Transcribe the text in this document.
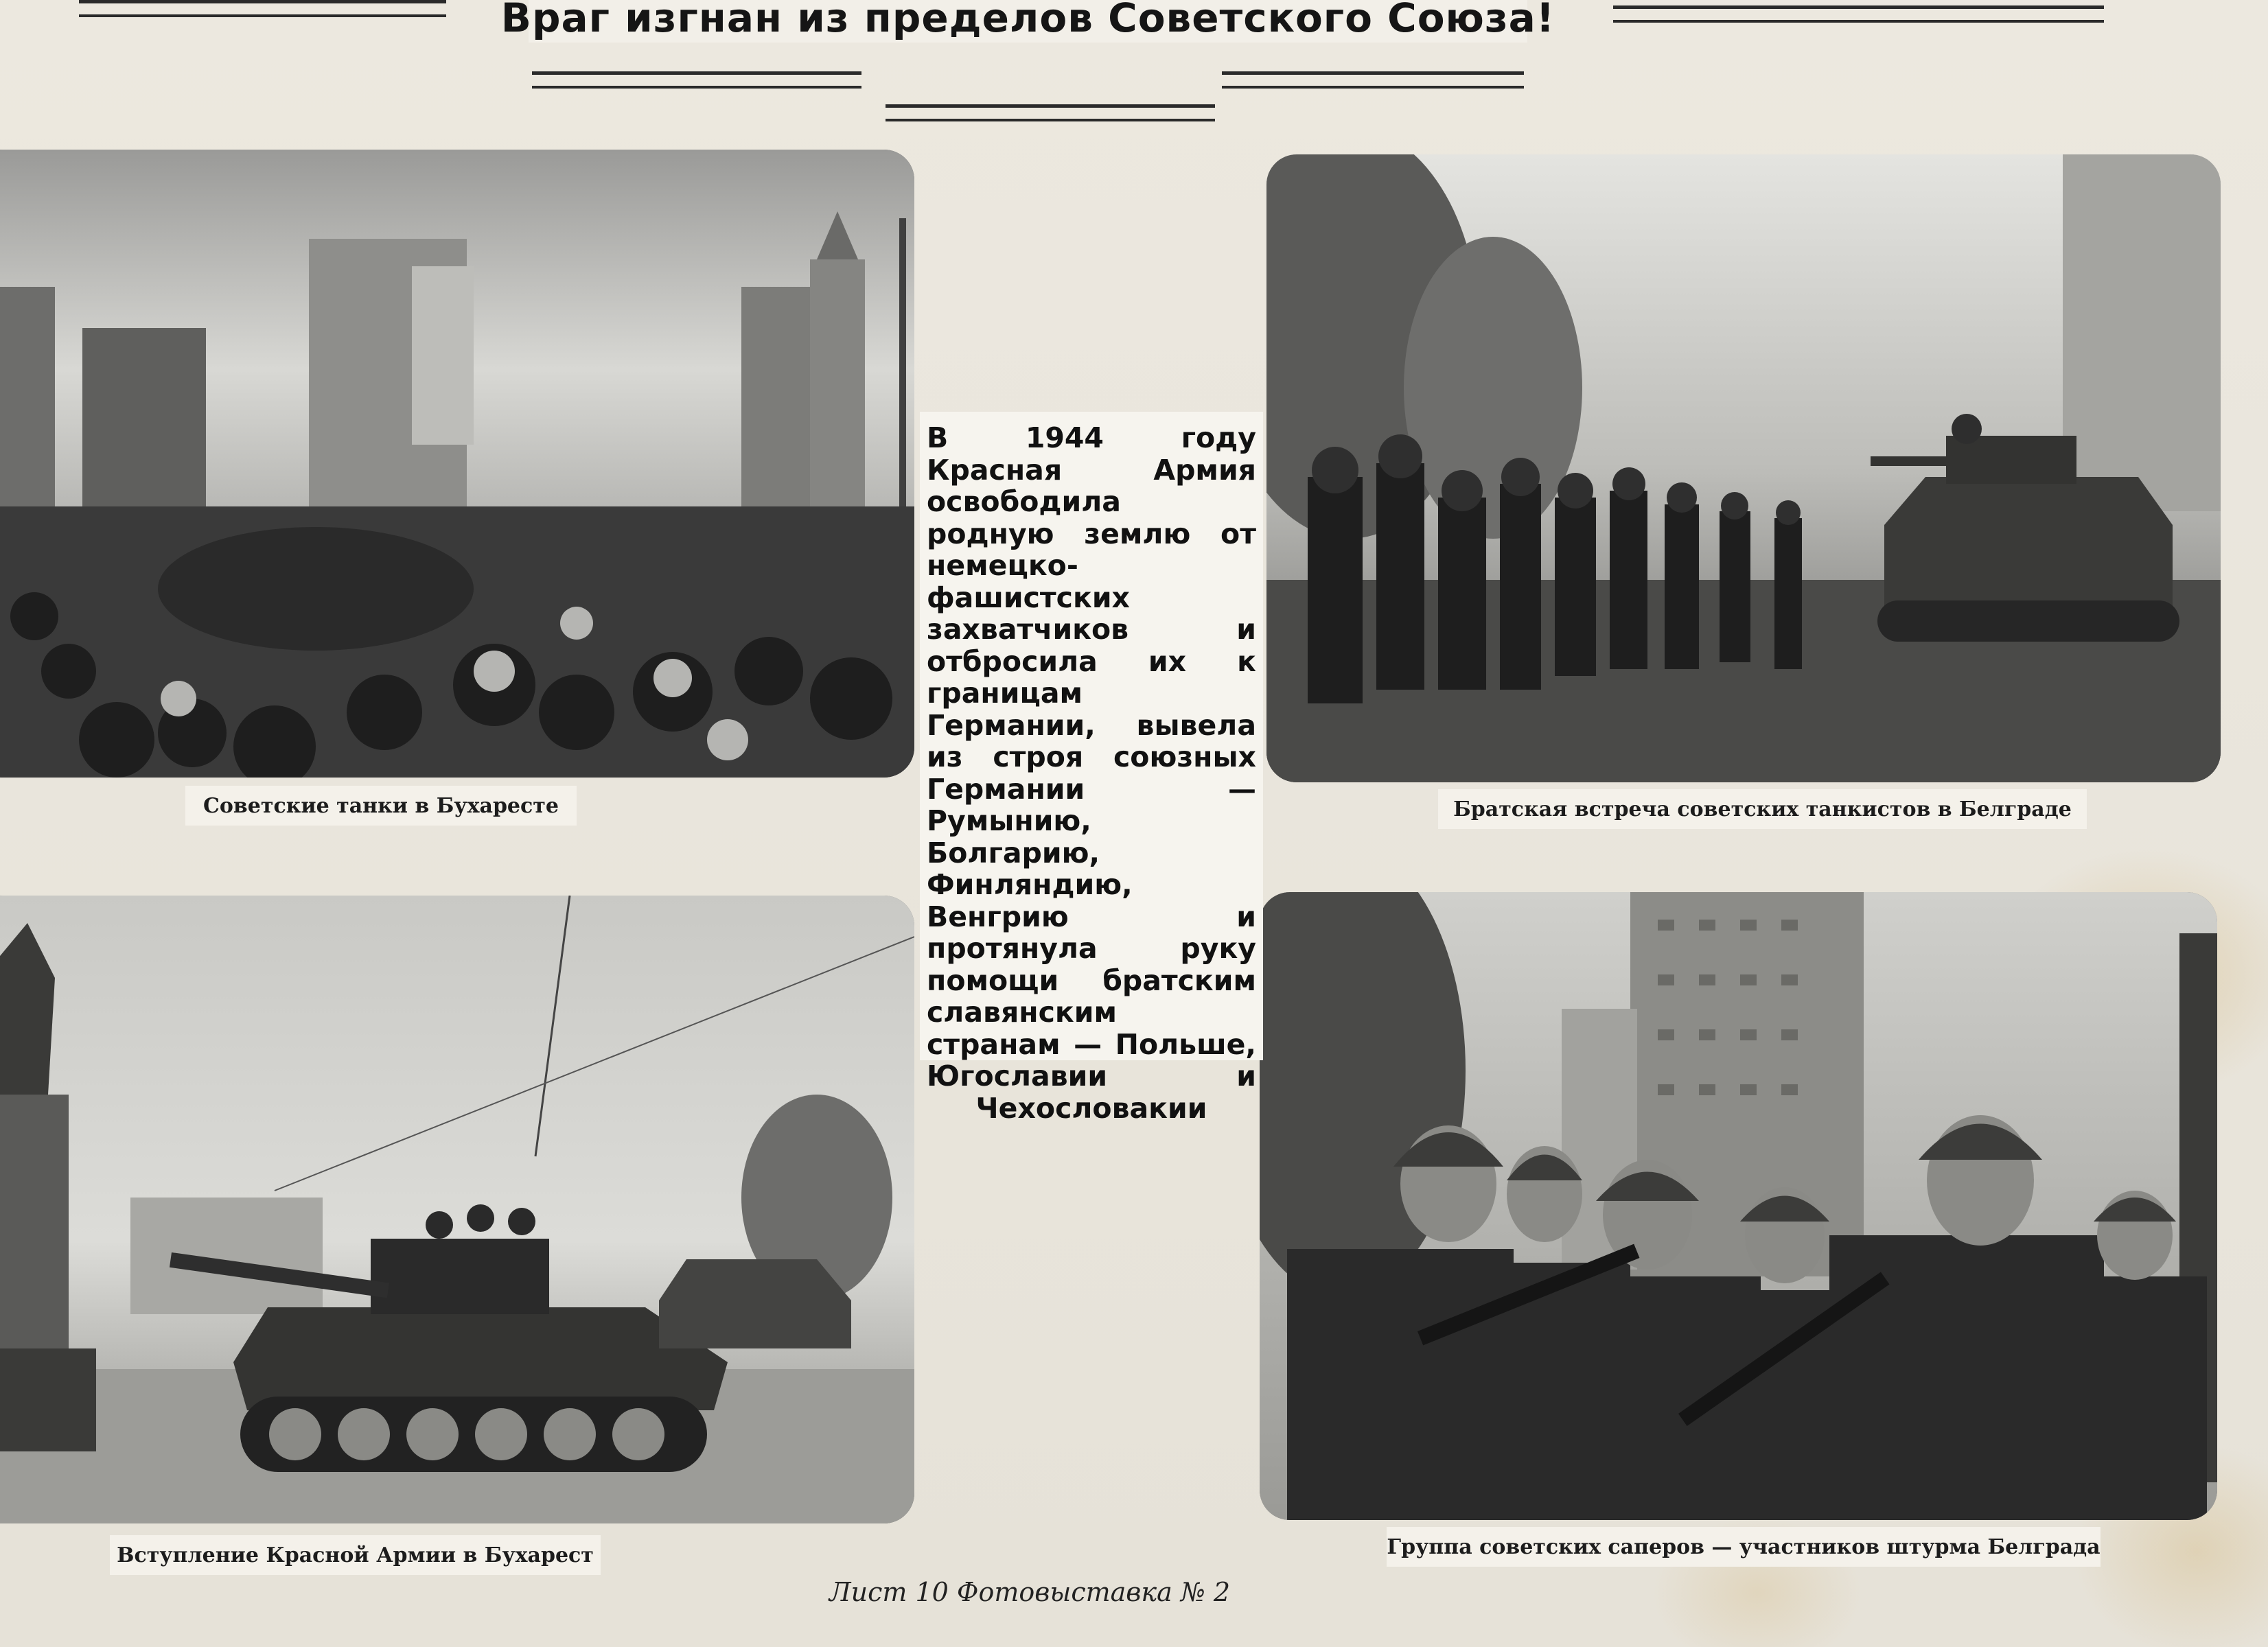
Враг изгнан из пределов Советского Союза!
Советские танки в Бухаресте	Братская встреча советских танкистов в Белграде
Вступление Красной Армии в Бухарест	Группа советских саперов — участников штурма Белграда
В 1944 году Красная Армия освободила родную землю от немецко-фашистских захватчиков и отбросила их к границам Германии, вывела из строя союзных Германии — Румынию, Болгарию, Финляндию, Венгрию и протянула руку помощи братским славянским странам — Польше, Югославии и Чехословакии
Лист 10 Фотовыставка № 2
